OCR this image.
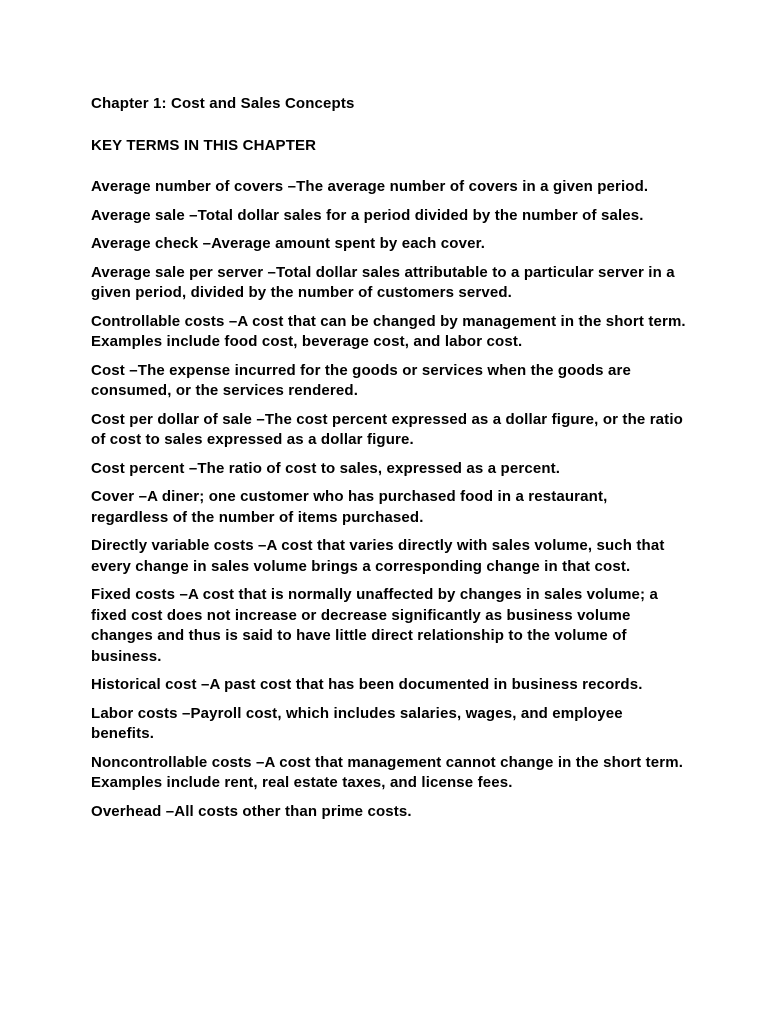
Chapter 1: Cost and Sales Concepts
KEY TERMS IN THIS CHAPTER
Average number of covers – The average number of covers in a given period.
Average sale – Total dollar sales for a period divided by the number of sales.
Average check – Average amount spent by each cover.
Average sale per server – Total dollar sales attributable to a particular server in a given period, divided by the number of customers served.
Controllable costs – A cost that can be changed by management in the short term. Examples include food cost, beverage cost, and labor cost.
Cost – The expense incurred for the goods or services when the goods are consumed, or the services rendered.
Cost per dollar of sale – The cost percent expressed as a dollar figure, or the ratio of cost to sales expressed as a dollar figure.
Cost percent – The ratio of cost to sales, expressed as a percent.
Cover – A diner; one customer who has purchased food in a restaurant, regardless of the number of items purchased.
Directly variable costs – A cost that varies directly with sales volume, such that every change in sales volume brings a corresponding change in that cost.
Fixed costs – A cost that is normally unaffected by changes in sales volume; a fixed cost does not increase or decrease significantly as business volume changes and thus is said to have little direct relationship to the volume of business.
Historical cost – A past cost that has been documented in business records.
Labor costs – Payroll cost, which includes salaries, wages, and employee benefits.
Noncontrollable costs – A cost that management cannot change in the short term. Examples include rent, real estate taxes, and license fees.
Overhead – All costs other than prime costs.
